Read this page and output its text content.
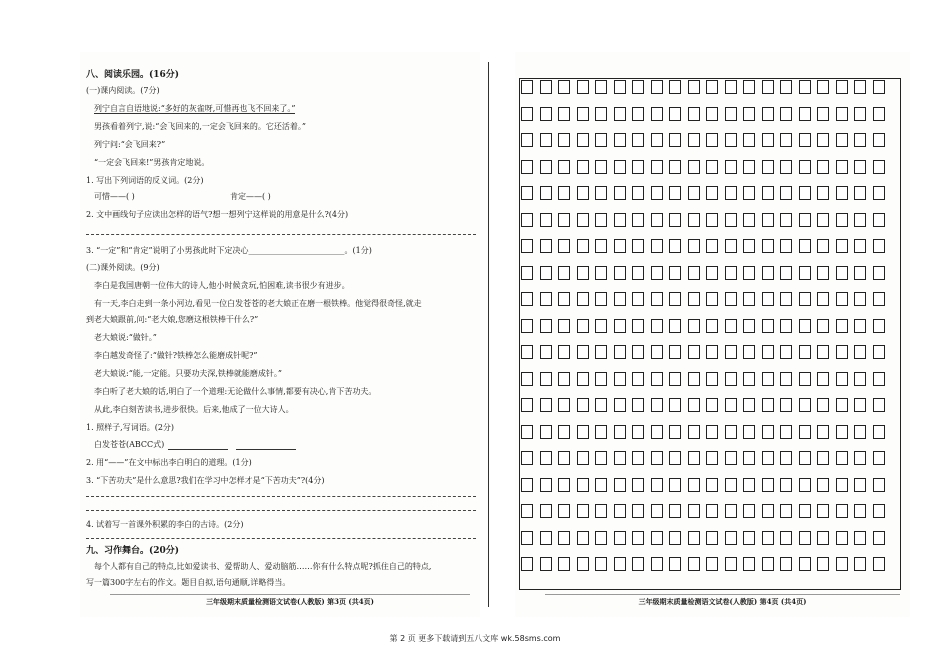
八、阅读乐园。(16分)
(一)课内阅读。(7分)
列宁自言自语地说:“多好的灰雀呀,可惜再也飞不回来了。”
男孩看着列宁,说:“会飞回来的,一定会飞回来的。它还活着。”
列宁问:“会飞回来?”
“一定会飞回来!”男孩肯定地说。
1. 写出下列词语的反义词。(2分)
可惜——( )	肯定——( )
2. 文中画线句子应读出怎样的语气?想一想列宁这样说的用意是什么?(4分)
3. “一定”和“肯定”说明了小男孩此时下定决心________________________。(1分)
(二)课外阅读。(9分)
李白是我国唐朝一位伟大的诗人,他小时候贪玩,怕困难,读书很少有进步。
有一天,李白走到一条小河边,看见一位白发苍苍的老大娘正在磨一根铁棒。他觉得很奇怪,就走
到老大娘跟前,问:“老大娘,您磨这根铁棒干什么?”
老大娘说:“做针。”
李白越发奇怪了:“做针?铁棒怎么能磨成针呢?”
老大娘说:“能,一定能。只要功夫深,铁棒就能磨成针。”
李白听了老大娘的话,明白了一个道理:无论做什么事情,都要有决心,肯下苦功夫。
从此,李白刻苦读书,进步很快。后来,他成了一位大诗人。
1. 照样子,写词语。(2分)
白发苍苍(ABCC式)
2. 用“——”在文中标出李白明白的道理。(1分)
3. “下苦功夫”是什么意思?我们在学习中怎样才是“下苦功夫”?(4分)
4. 试着写一首课外积累的李白的古诗。(2分)
九、习作舞台。(20分)
每个人都有自己的特点,比如爱读书、爱帮助人、爱动脑筋……你有什么特点呢?抓住自己的特点,
写一篇300字左右的作文。题目自拟,语句通顺,详略得当。
三年级期末质量检测语文试卷(人教版) 第3页 (共4页)	三年级期末质量检测语文试卷(人教版) 第4页 (共4页)
第 2 页 更多下载请到五八文库 wk.58sms.com
